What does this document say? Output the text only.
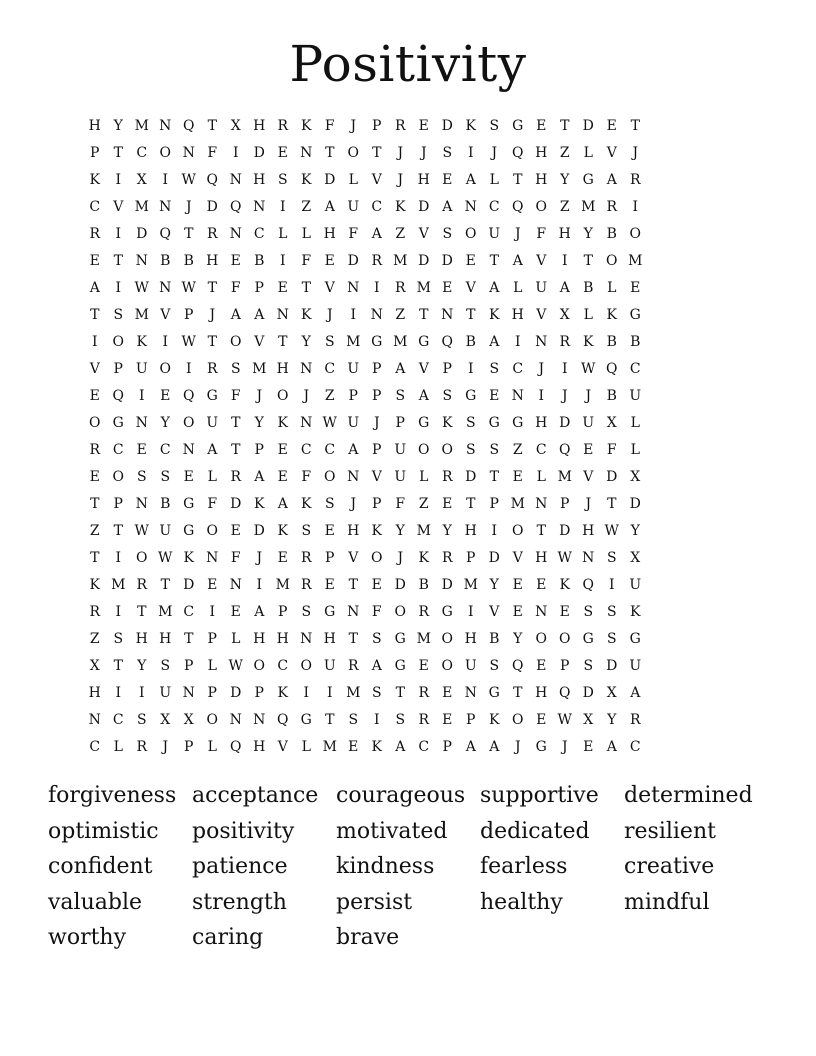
Positivity
H Y M N Q T X H R K F	J	P R E D K S G E T D E T
P	T C O N F	I	D E N T O T	J	J	S	I	J	Q H Z L V	J
K	I	X	I W Q N H S K D L V	J	H E A L	T H Y G A R
C V M N	J	D Q N	I	Z A U C K D A N C Q O Z M R	I
R	I	D Q T R N C L	L H F A Z V S O U	J	F H Y B O
E T N B B H E B	I	F E D R M D D E T A V	I	T O M
A	I W N W T F P E T V N	I	R M E V A L U A B L E
T	S M V P	J	A A N K	J	I	N Z T N T K H V X L K G
I	O K	I W T O V T	Y	S M G M G Q B A	I	N R K B B
V P U O	I	R S M H N C U P A V P	I	S C	J	I W Q C
E Q	I	E Q G F	J	O	J	Z P	P	S A S G E N	I	J	J	B U
O G N Y O U T	Y K N W U	J	P G K S G G H D U X L
R C E C N A T	P E C C A P U O O S S Z C Q E F L
E O S S E L R A E F O N V U L R D T E L M V D X
T	P N B G F D K A K S	J	P F Z E T	P M N P	J	T D
Z T W U G O E D K S E H K Y M Y H	I	O T D H W Y
T	I	O W K N F	J	E R P V O	J	K R P D V H W N S X
K M R T D E N	I M R E T E D B D M Y E E K Q	I	U
R	I	T M C	I	E A P	S G N F O R G	I	V E N E S S K
Z S H H T	P	L H H N H T	S G M O H B Y O O G S G
X T	Y	S P	L W O C O U R A G E O U S Q E P	S D U
H	I	I	U N P D P K	I	I M S	T R E N G T H Q D X A
N C S X X O N N Q G T	S	I	S R E P K O E W X Y R
C L R	J	P	L Q H V L M E K A C P A A	J	G	J	E A C
forgiveness acceptance courageous supportive	determined
optimistic	positivity	motivated	dedicated	resilient
confident	patience	kindness	fearless	creative
valuable	strength	persist	healthy	mindful
worthy	caring	brave
